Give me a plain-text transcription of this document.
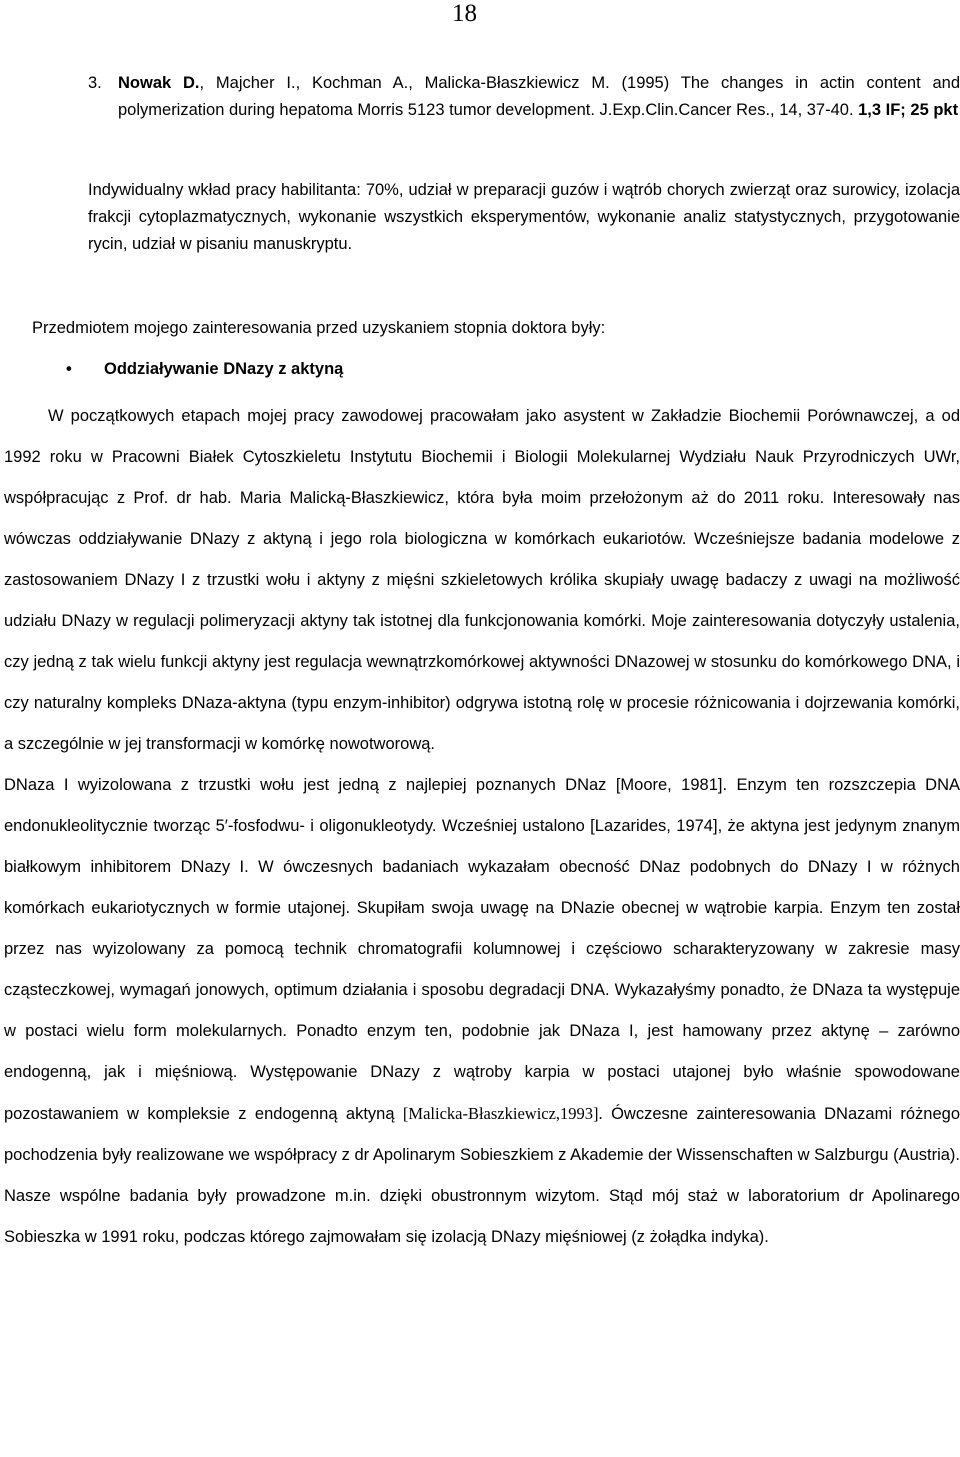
18
3. Nowak D., Majcher I., Kochman A., Malicka-Błaszkiewicz M. (1995) The changes in actin content and polymerization during hepatoma Morris 5123 tumor development. J.Exp.Clin.Cancer Res., 14, 37-40. 1,3 IF; 25 pkt
Indywidualny wkład pracy habilitanta: 70%, udział w preparacji guzów i wątrób chorych zwierząt oraz surowicy, izolacja frakcji cytoplazmatycznych, wykonanie wszystkich eksperymentów, wykonanie analiz statystycznych, przygotowanie rycin, udział w pisaniu manuskryptu.
Przedmiotem mojego zainteresowania przed uzyskaniem stopnia doktora były:
• Oddziaływanie DNazy z aktyną

W początkowych etapach mojej pracy zawodowej pracowałam jako asystent w Zakładzie Biochemii Porównawczej, a od 1992 roku w Pracowni Białek Cytoszkieletu Instytutu Biochemii i Biologii Molekularnej Wydziału Nauk Przyrodniczych UWr, współpracując z Prof. dr hab. Maria Malicką-Błaszkiewicz, która była moim przełożonym aż do 2011 roku. Interesowały nas wówczas oddziaływanie DNazy z aktyną i jego rola biologiczna w komórkach eukariotów. Wcześniejsze badania modelowe z zastosowaniem DNazy I z trzustki wołu i aktyny z mięśni szkieletowych królika skupiały uwagę badaczy z uwagi na możliwość udziału DNazy w regulacji polimeryzacji aktyny tak istotnej dla funkcjonowania komórki. Moje zainteresowania dotyczyły ustalenia, czy jedną z tak wielu funkcji aktyny jest regulacja wewnątrzkomórkowej aktywności DNazowej w stosunku do komórkowego DNA, i czy naturalny kompleks DNaza-aktyna (typu enzym-inhibitor) odgrywa istotną rolę w procesie różnicowania i dojrzewania komórki, a szczególnie w jej transformacji w komórkę nowotworową.

DNaza I wyizolowana z trzustki wołu jest jedną z najlepiej poznanych DNaz [Moore, 1981]. Enzym ten rozszczepia DNA endonukleolitycznie tworząc 5′-fosfodwu- i oligonukleotydy. Wcześniej ustalono [Lazarides, 1974], że aktyna jest jedynym znanym białkowym inhibitorem DNazy I. W ówczesnych badaniach wykazałam obecność DNaz podobnych do DNazy I w różnych komórkach eukariotycznych w formie utajonej. Skupiłam swoja uwagę na DNazie obecnej w wątrobie karpia. Enzym ten został przez nas wyizolowany za pomocą technik chromatografii kolumnowej i częściowo scharakteryzowany w zakresie masy cząsteczkowej, wymagań jonowych, optimum działania i sposobu degradacji DNA. Wykazałyśmy ponadto, że DNaza ta występuje w postaci wielu form molekularnych. Ponadto enzym ten, podobnie jak DNaza I, jest hamowany przez aktynę – zarówno endogenną, jak i mięśniową. Występowanie DNazy z wątroby karpia w postaci utajonej było właśnie spowodowane pozostawaniem w kompleksie z endogenną aktyną [Malicka-Błaszkiewicz,1993]. Ówczesne zainteresowania DNazami różnego pochodzenia były realizowane we współpracy z dr Apolinarym Sobieszkiem z Akademie der Wissenschaften w Salzburgu (Austria). Nasze wspólne badania były prowadzone m.in. dzięki obustronnym wizytom. Stąd mój staż w laboratorium dr Apolinarego Sobieszka w 1991 roku, podczas którego zajmowałam się izolacją DNazy mięśniowej (z żołądka indyka).
